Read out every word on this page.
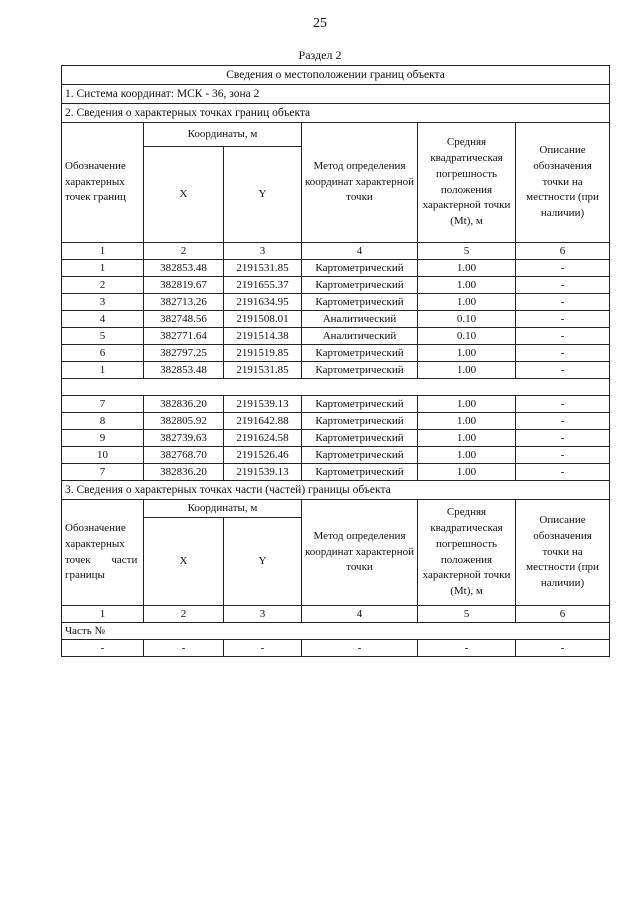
25
Раздел 2
Сведения о местоположении границ объекта					
1. Система координат: МСК - 36, зона 2					
2. Сведения о характерных точках границ объекта					
Обозначение характерных точек границ	Координаты, м		Метод определения координат характерной точки	Средняя квадратическая погрешность положения характерной точки (Mt), м	Описание обозначения точки на местности (при наличии)
	X	Y			
1	2	3	4	5	6
1	382853.48	2191531.85	Картометрический	1.00	-
2	382819.67	2191655.37	Картометрический	1.00	-
3	382713.26	2191634.95	Картометрический	1.00	-
4	382748.56	2191508.01	Аналитический	0.10	-
5	382771.64	2191514.38	Аналитический	0.10	-
6	382797.25	2191519.85	Картометрический	1.00	-
1	382853.48	2191531.85	Картометрический	1.00	-

7	382836.20	2191539.13	Картометрический	1.00	-
8	382805.92	2191642.88	Картометрический	1.00	-
9	382739.63	2191624.58	Картометрический	1.00	-
10	382768.70	2191526.46	Картометрический	1.00	-
7	382836.20	2191539.13	Картометрический	1.00	-
3. Сведения о характерных точках части (частей) границы объекта					

Обозначение
характерных
точек части
границы	Координаты, м		Метод определения координат характерной точки	Средняя квадратическая погрешность положения характерной точки (Mt), м	Описание обозначения точки на местности (при наличии)
	X	Y			
1	2	3	4	5	6
Часть №					
-	-	-	-	-	-
